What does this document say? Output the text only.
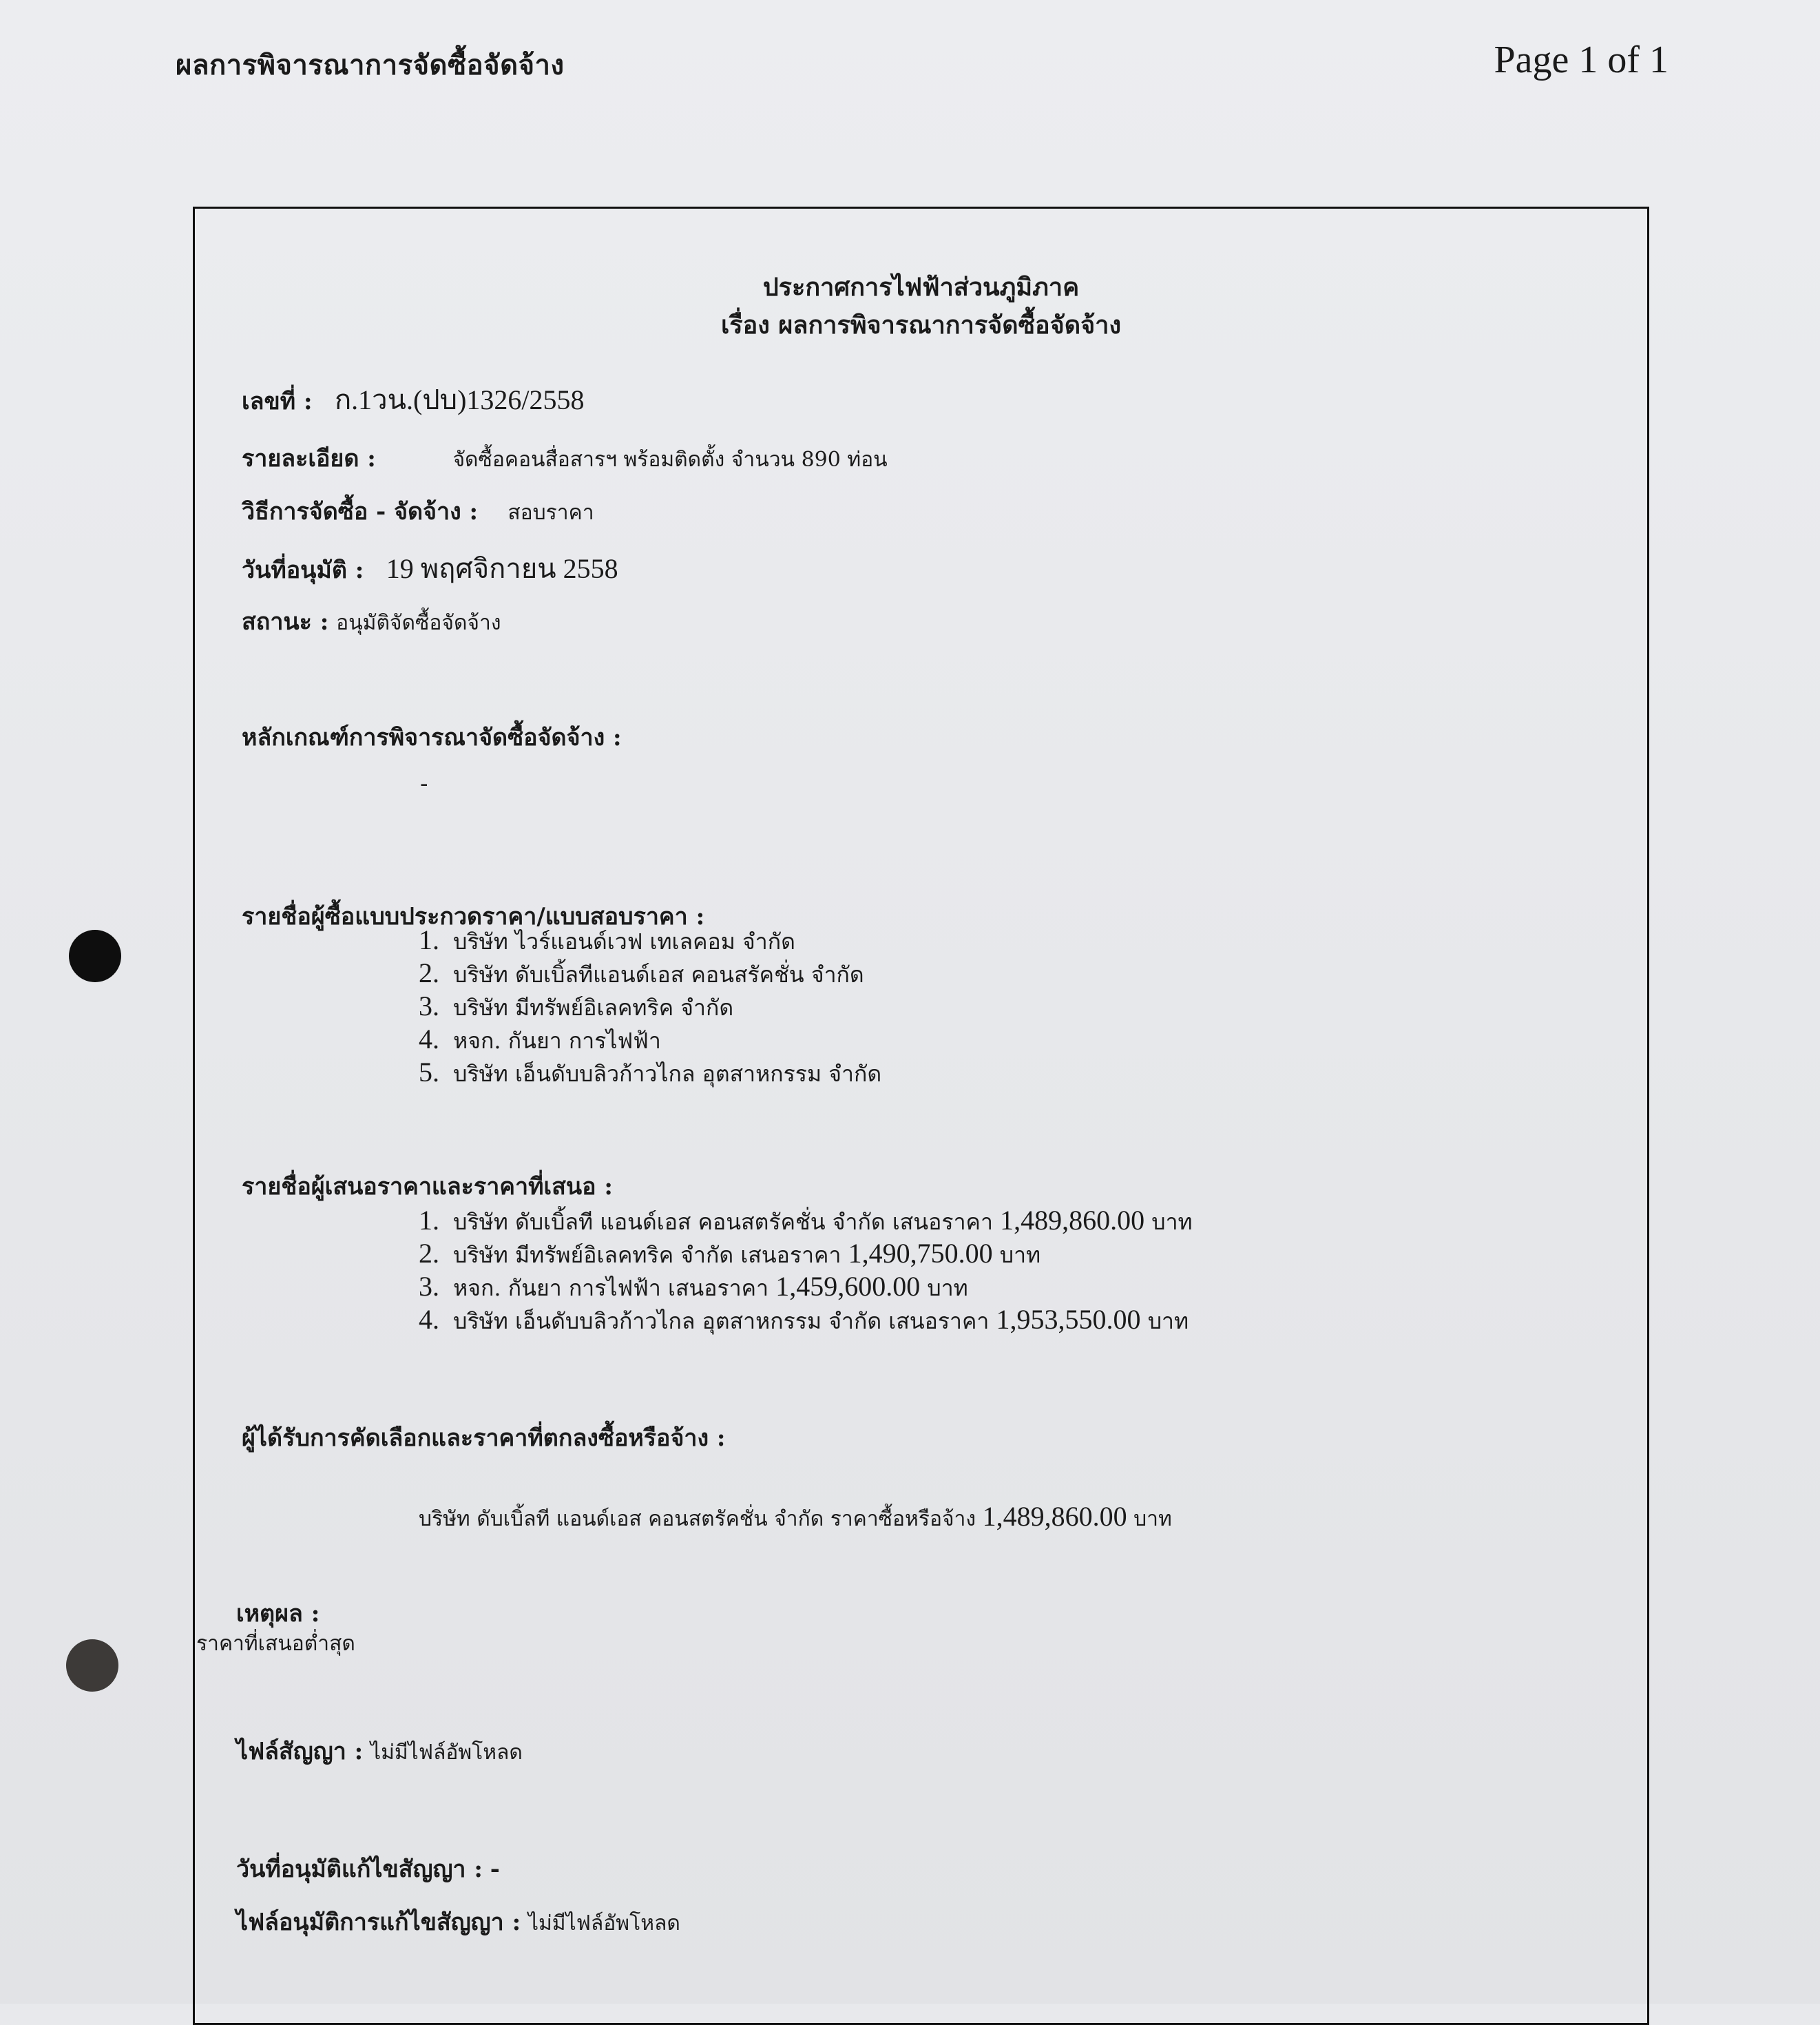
ผลการพิจารณาการจัดซื้อจัดจ้าง	Page 1 of 1
ประกาศการไฟฟ้าส่วนภูมิภาค
เรื่อง ผลการพิจารณาการจัดซื้อจัดจ้าง
เลขที่ : ก.1วน.(ปบ)1326/2558
รายละเอียด :	จัดซื้อคอนสื่อสารฯ พร้อมติดตั้ง จำนวน 890 ท่อน
วิธีการจัดซื้อ - จัดจ้าง : สอบราคา
วันที่อนุมัติ : 19 พฤศจิกายน 2558
สถานะ : อนุมัติจัดซื้อจัดจ้าง
หลักเกณฑ์การพิจารณาจัดซื้อจัดจ้าง :
-
รายชื่อผู้ซื้อแบบประกวดราคา/แบบสอบราคา :
1. บริษัท ไวร์แอนด์เวฟ เทเลคอม จำกัด
2. บริษัท ดับเบิ้ลทีแอนด์เอส คอนสรัคชั่น จำกัด
3. บริษัท มีทรัพย์อิเลคทริค จำกัด
4. หจก. กันยา การไฟฟ้า
5. บริษัท เอ็นดับบลิวก้าวไกล อุตสาหกรรม จำกัด
รายชื่อผู้เสนอราคาและราคาที่เสนอ :
1. บริษัท ดับเบิ้ลที แอนด์เอส คอนสตรัคชั่น จำกัด เสนอราคา 1,489,860.00 บาท
2. บริษัท มีทรัพย์อิเลคทริค จำกัด เสนอราคา 1,490,750.00 บาท
3. หจก. กันยา การไฟฟ้า เสนอราคา 1,459,600.00 บาท
4. บริษัท เอ็นดับบลิวก้าวไกล อุตสาหกรรม จำกัด เสนอราคา 1,953,550.00 บาท
ผู้ได้รับการคัดเลือกและราคาที่ตกลงซื้อหรือจ้าง :
บริษัท ดับเบิ้ลที แอนด์เอส คอนสตรัคชั่น จำกัด ราคาซื้อหรือจ้าง 1,489,860.00 บาท
เหตุผล :
ราคาที่เสนอต่ำสุด
ไฟล์สัญญา : ไม่มีไฟล์อัพโหลด
วันที่อนุมัติแก้ไขสัญญา : -
ไฟล์อนุมัติการแก้ไขสัญญา : ไม่มีไฟล์อัพโหลด
